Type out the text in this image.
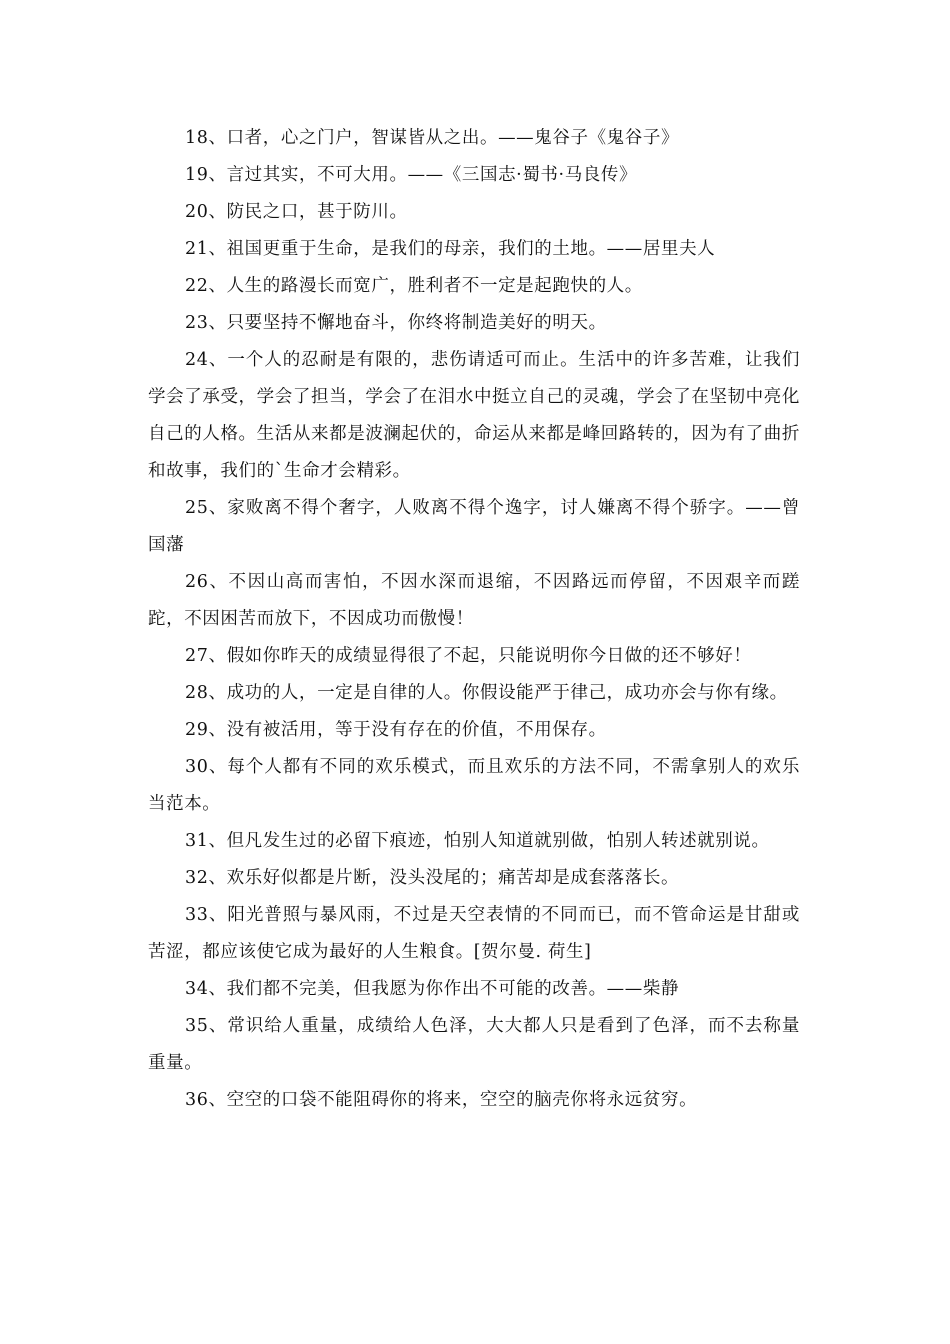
18、口者，心之门户，智谋皆从之出。——鬼谷子《鬼谷子》

19、言过其实，不可大用。——《三国志·蜀书·马良传》

20、防民之口，甚于防川。

21、祖国更重于生命，是我们的母亲，我们的土地。——居里夫人

22、人生的路漫长而宽广，胜利者不一定是起跑快的人。

23、只要坚持不懈地奋斗，你终将制造美好的明天。

24、一个人的忍耐是有限的，悲伤请适可而止。生活中的许多苦难，让我们学会了承受，学会了担当，学会了在泪水中挺立自己的灵魂，学会了在坚韧中亮化自己的人格。生活从来都是波澜起伏的，命运从来都是峰回路转的，因为有了曲折和故事，我们的`生命才会精彩。

25、家败离不得个奢字，人败离不得个逸字，讨人嫌离不得个骄字。——曾国藩

26、不因山高而害怕，不因水深而退缩，不因路远而停留，不因艰辛而蹉跎，不因困苦而放下，不因成功而傲慢！

27、假如你昨天的成绩显得很了不起，只能说明你今日做的还不够好！

28、成功的人，一定是自律的人。你假设能严于律己，成功亦会与你有缘。

29、没有被活用，等于没有存在的价值，不用保存。

30、每个人都有不同的欢乐模式，而且欢乐的方法不同，不需拿别人的欢乐当范本。

31、但凡发生过的必留下痕迹，怕别人知道就别做，怕别人转述就别说。

32、欢乐好似都是片断，没头没尾的；痛苦却是成套落落长。

33、阳光普照与暴风雨，不过是天空表情的不同而已，而不管命运是甘甜或苦涩，都应该使它成为最好的人生粮食。[贺尔曼. 荷生]

34、我们都不完美，但我愿为你作出不可能的改善。——柴静

35、常识给人重量，成绩给人色泽，大大都人只是看到了色泽，而不去称量重量。

36、空空的口袋不能阻碍你的将来，空空的脑壳你将永远贫穷。
